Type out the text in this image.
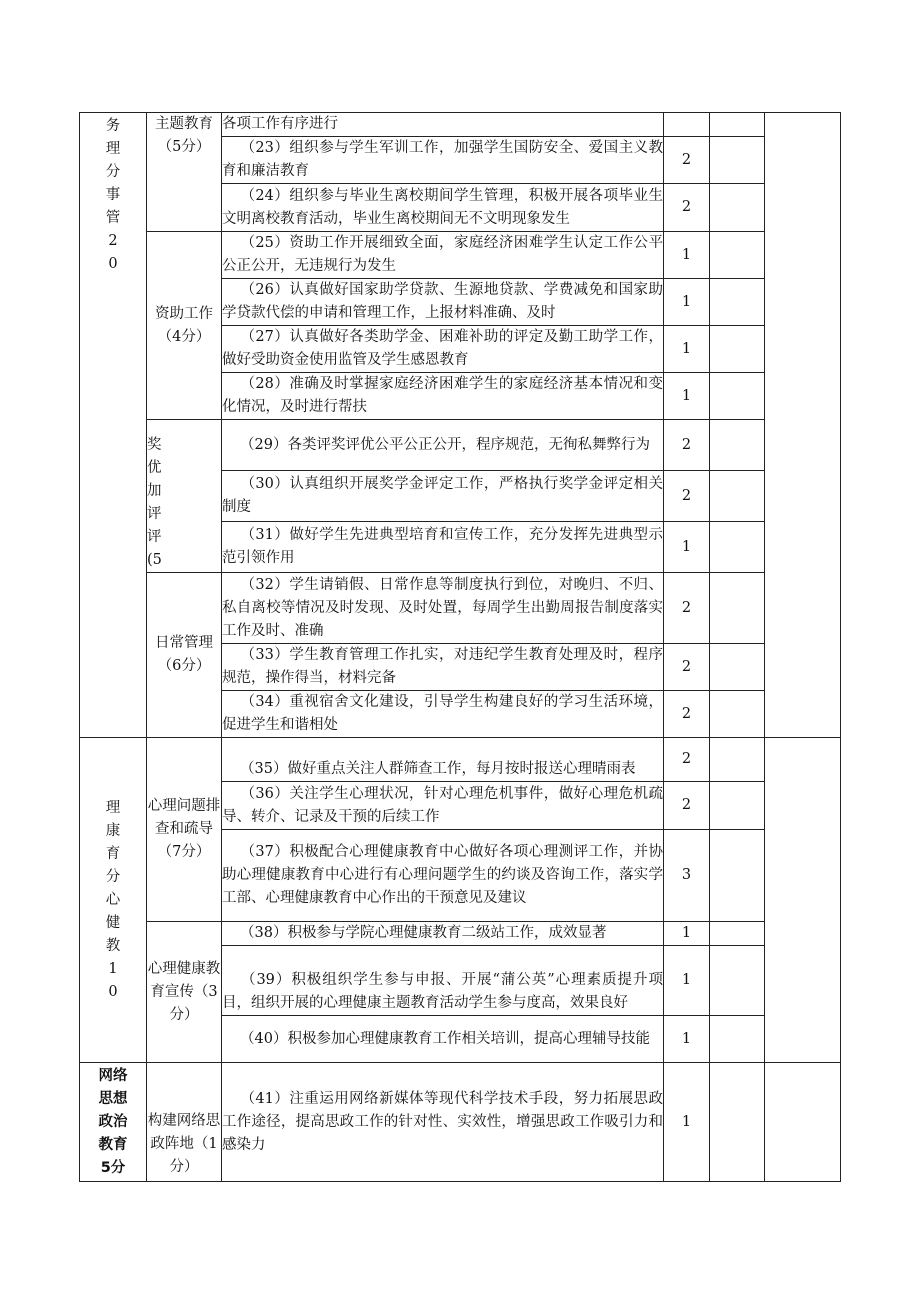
务理分事管20	主题教育（5分）	各项工作有序进行			
		（23）组织参与学生军训工作，加强学生国防安全、爱国主义教育和廉洁教育	2		
		（24）组织参与毕业生离校期间学生管理，积极开展各项毕业生文明离校教育活动，毕业生离校期间无不文明现象发生	2		
	资助工作（4分）	（25）资助工作开展细致全面，家庭经济困难学生认定工作公平公正公开，无违规行为发生	1		
		（26）认真做好国家助学贷款、生源地贷款、学费减免和国家助学贷款代偿的申请和管理工作，上报材料准确、及时	1		
		（27）认真做好各类助学金、困难补助的评定及勤工助学工作，做好受助资金使用监管及学生感恩教育	1		
		（28）准确及时掌握家庭经济困难学生的家庭经济基本情况和变化情况，及时进行帮扶	1		
	奖优加评评(5	（29）各类评奖评优公平公正公开，程序规范，无徇私舞弊行为	2		
		（30）认真组织开展奖学金评定工作，严格执行奖学金评定相关制度	2		
		（31）做好学生先进典型培育和宣传工作，充分发挥先进典型示范引领作用	1		
	日常管理（6分）	（32）学生请销假、日常作息等制度执行到位，对晚归、不归、私自离校等情况及时发现、及时处置，每周学生出勤周报告制度落实工作及时、准确	2		
		（33）学生教育管理工作扎实，对违纪学生教育处理及时，程序规范，操作得当，材料完备	2		
		（34）重视宿舍文化建设，引导学生构建良好的学习生活环境，促进学生和谐相处	2		
理康育分心健教10	心理问题排查和疏导（7分）	（35）做好重点关注人群筛查工作，每月按时报送心理晴雨表	2		
		（36）关注学生心理状况，针对心理危机事件，做好心理危机疏导、转介、记录及干预的后续工作	2		
		（37）积极配合心理健康教育中心做好各项心理测评工作，并协助心理健康教育中心进行有心理问题学生的约谈及咨询工作，落实学工部、心理健康教育中心作出的干预意见及建议	3		
	心理健康教育宣传（3分）	（38）积极参与学院心理健康教育二级站工作，成效显著	1		
		（39）积极组织学生参与申报、开展“蒲公英”心理素质提升项目，组织开展的心理健康主题教育活动学生参与度高，效果良好	1		
		（40）积极参加心理健康教育工作相关培训，提高心理辅导技能	1		
网络思想政治教育5分	构建网络思政阵地（1分）	（41）注重运用网络新媒体等现代科学技术手段，努力拓展思政工作途径，提高思政工作的针对性、实效性，增强思政工作吸引力和感染力	1		
